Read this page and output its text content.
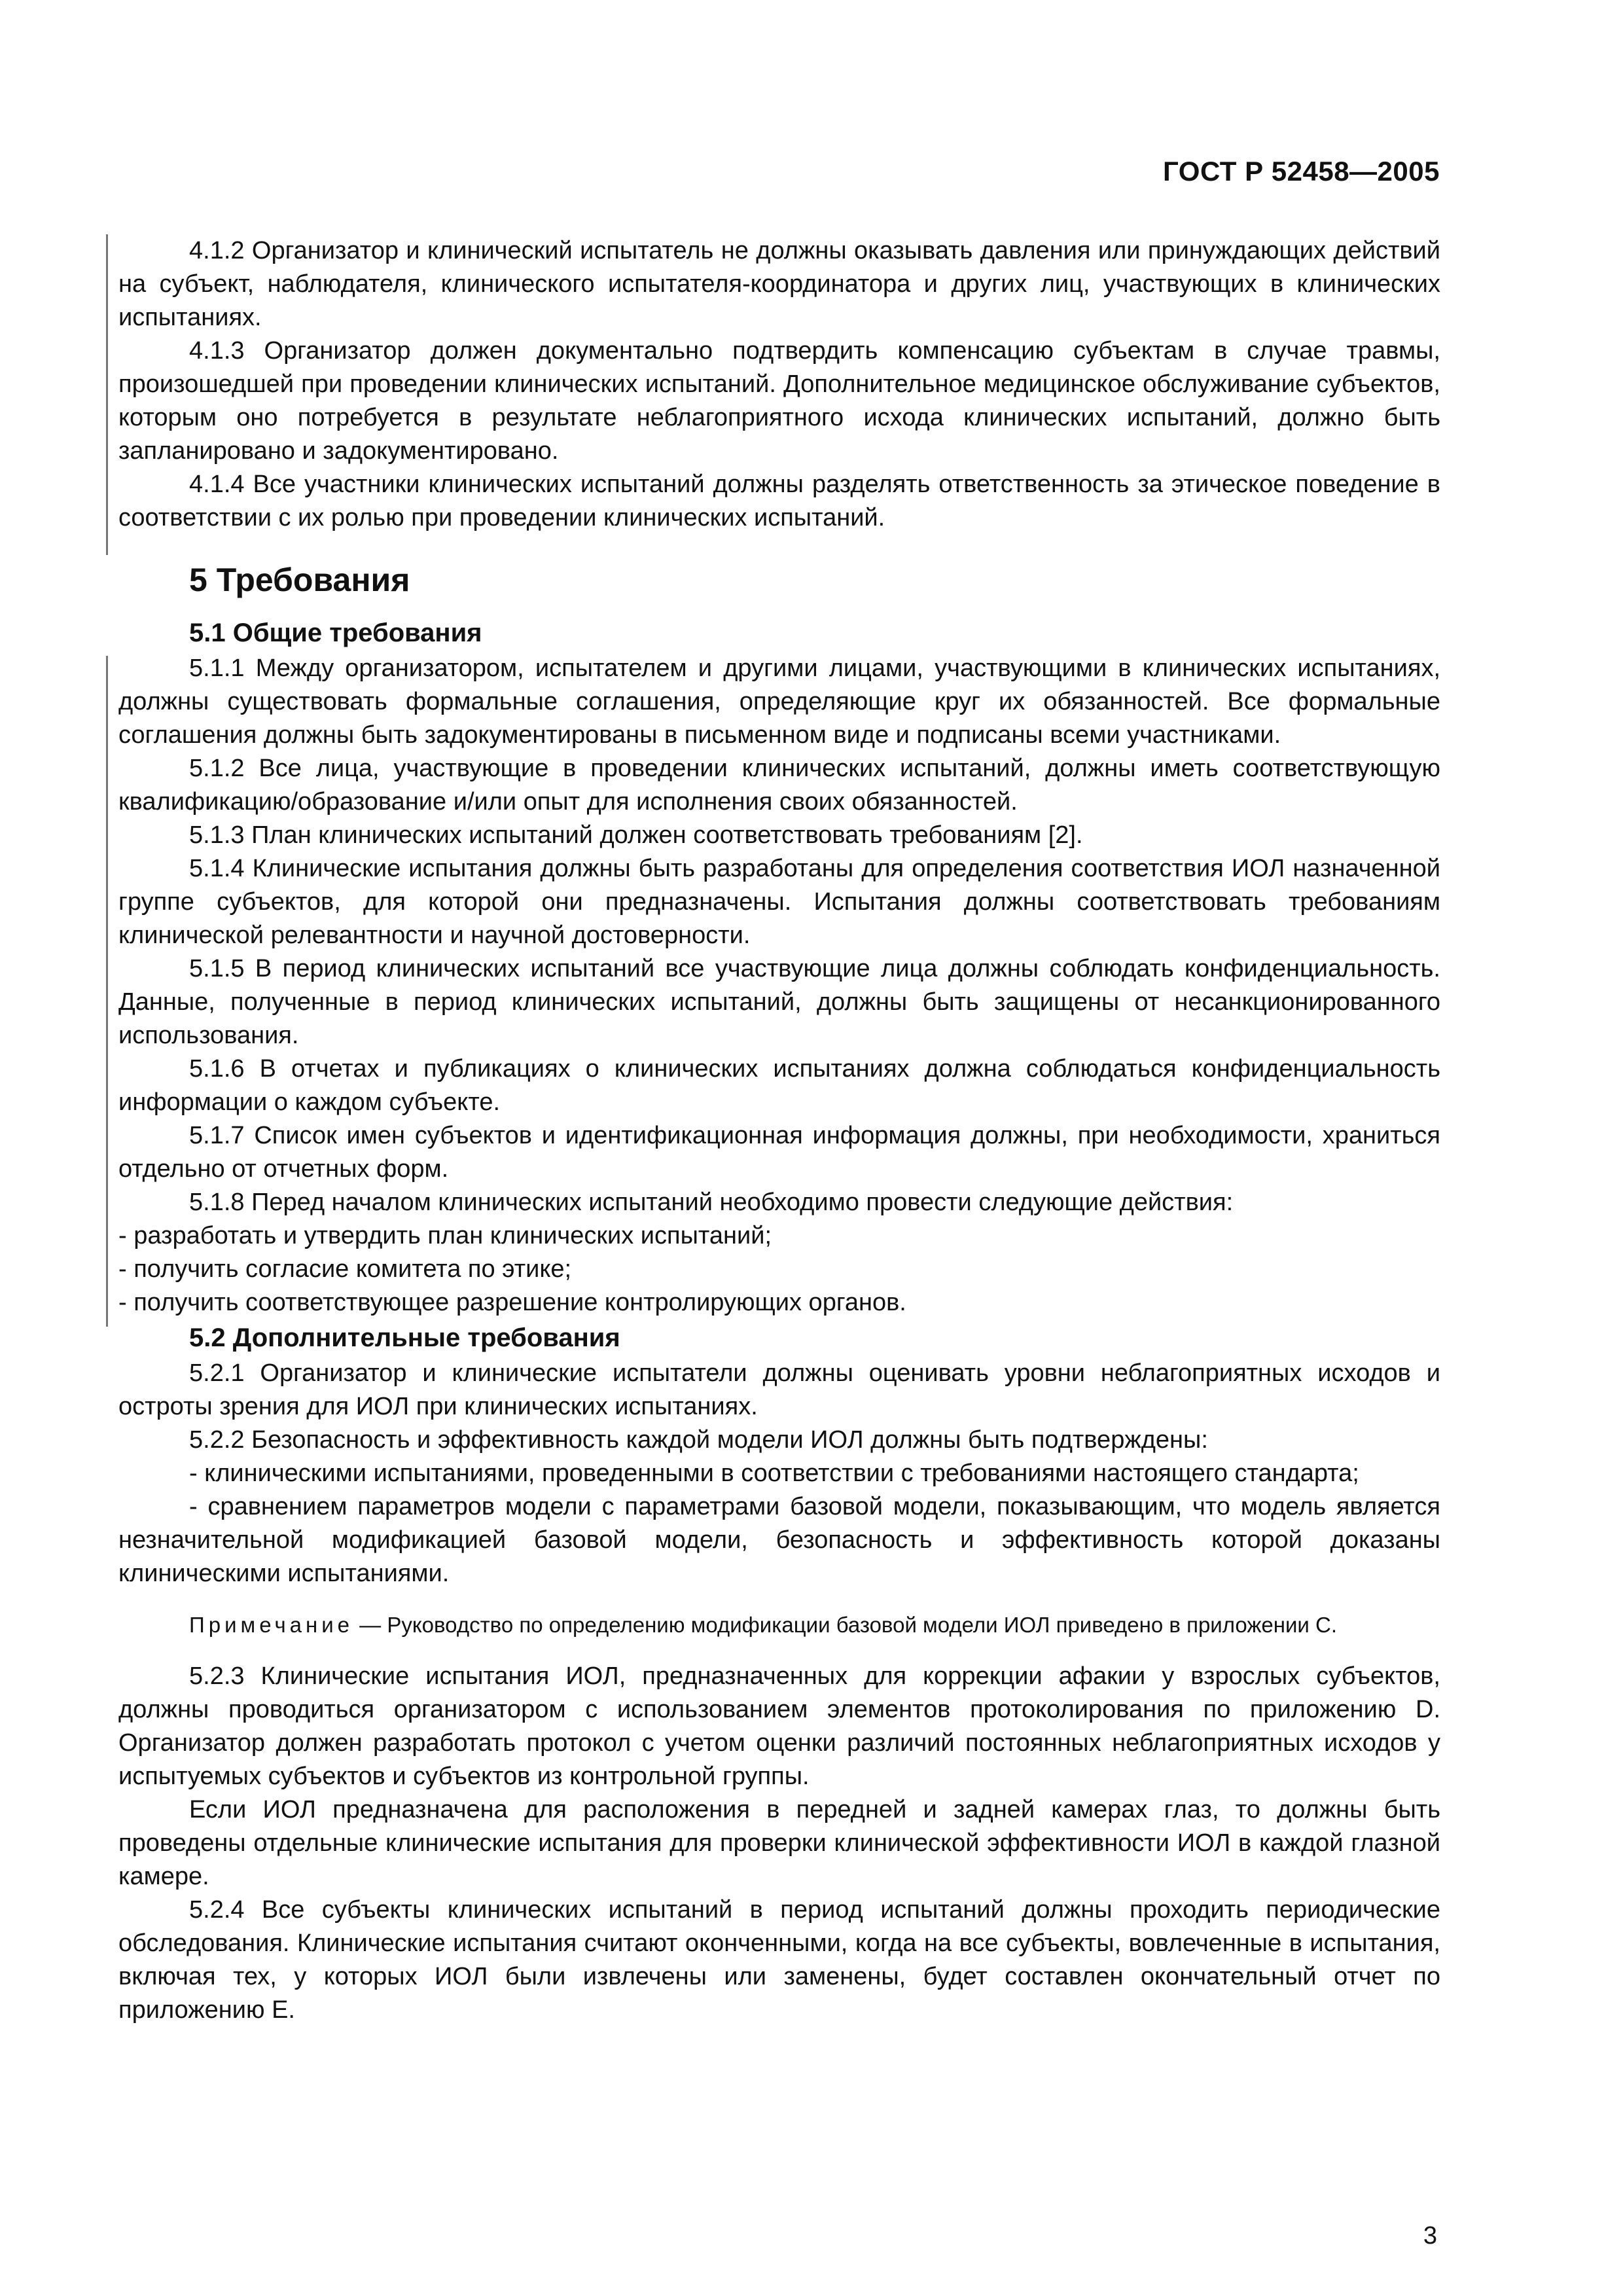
ГОСТ Р 52458—2005

4.1.2 Организатор и клинический испытатель не должны оказывать давления или принуждающих действий на субъект, наблюдателя, клинического испытателя-координатора и других лиц, участвующих в клинических испытаниях.

4.1.3 Организатор должен документально подтвердить компенсацию субъектам в случае травмы, произошедшей при проведении клинических испытаний. Дополнительное медицинское обслуживание субъектов, которым оно потребуется в результате неблагоприятного исхода клинических испытаний, должно быть запланировано и задокументировано.

4.1.4 Все участники клинических испытаний должны разделять ответственность за этическое поведение в соответствии с их ролью при проведении клинических испытаний.

5 Требования
5.1 Общие требования

5.1.1 Между организатором, испытателем и другими лицами, участвующими в клинических испытаниях, должны существовать формальные соглашения, определяющие круг их обязанностей. Все формальные соглашения должны быть задокументированы в письменном виде и подписаны всеми участниками.

5.1.2 Все лица, участвующие в проведении клинических испытаний, должны иметь соответствующую квалификацию/образование и/или опыт для исполнения своих обязанностей.

5.1.3 План клинических испытаний должен соответствовать требованиям [2].

5.1.4 Клинические испытания должны быть разработаны для определения соответствия ИОЛ назначенной группе субъектов, для которой они предназначены. Испытания должны соответствовать требованиям клинической релевантности и научной достоверности.

5.1.5 В период клинических испытаний все участвующие лица должны соблюдать конфиденциальность. Данные, полученные в период клинических испытаний, должны быть защищены от несанкционированного использования.

5.1.6 В отчетах и публикациях о клинических испытаниях должна соблюдаться конфиденциальность информации о каждом субъекте.

5.1.7 Список имен субъектов и идентификационная информация должны, при необходимости, храниться отдельно от отчетных форм.

5.1.8 Перед началом клинических испытаний необходимо провести следующие действия:

- разработать и утвердить план клинических испытаний;

- получить согласие комитета по этике;

- получить соответствующее разрешение контролирующих органов.

5.2 Дополнительные требования

5.2.1 Организатор и клинические испытатели должны оценивать уровни неблагоприятных исходов и остроты зрения для ИОЛ при клинических испытаниях.

5.2.2 Безопасность и эффективность каждой модели ИОЛ должны быть подтверждены:

- клиническими испытаниями, проведенными в соответствии с требованиями настоящего стандарта;

- сравнением параметров модели с параметрами базовой модели, показывающим, что модель является незначительной модификацией базовой модели, безопасность и эффективность которой доказаны клиническими испытаниями.

Примечание — Руководство по определению модификации базовой модели ИОЛ приведено в приложении С.

5.2.3 Клинические испытания ИОЛ, предназначенных для коррекции афакии у взрослых субъектов, должны проводиться организатором с использованием элементов протоколирования по приложению D. Организатор должен разработать протокол с учетом оценки различий постоянных неблагоприятных исходов у испытуемых субъектов и субъектов из контрольной группы.

Если ИОЛ предназначена для расположения в передней и задней камерах глаз, то должны быть проведены отдельные клинические испытания для проверки клинической эффективности ИОЛ в каждой глазной камере.

5.2.4 Все субъекты клинических испытаний в период испытаний должны проходить периодические обследования. Клинические испытания считают оконченными, когда на все субъекты, вовлеченные в испытания, включая тех, у которых ИОЛ были извлечены или заменены, будет составлен окончательный отчет по приложению Е.

3
